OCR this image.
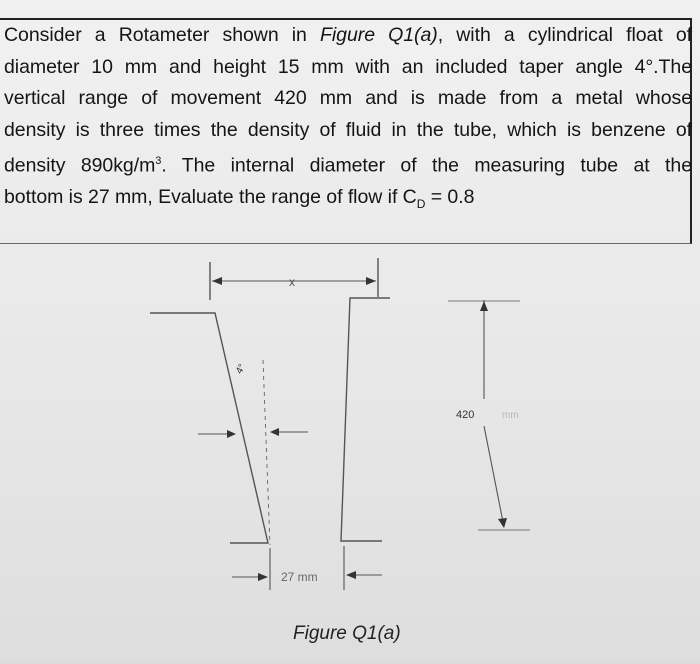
Consider a Rotameter shown in Figure Q1(a), with a cylindrical float of
diameter 10 mm and height 15 mm with an included taper angle 4°.The
vertical range of movement 420 mm and is made from a metal whose
density is three times the density of fluid in the tube, which is benzene of
density $890kg/m^3$. The internal diameter of the measuring tube at the
bottom is 27 mm, Evaluate the range of flow if $C_D = 0.8$
x
4°
420	mm
27 mm
Figure Q1(a)
